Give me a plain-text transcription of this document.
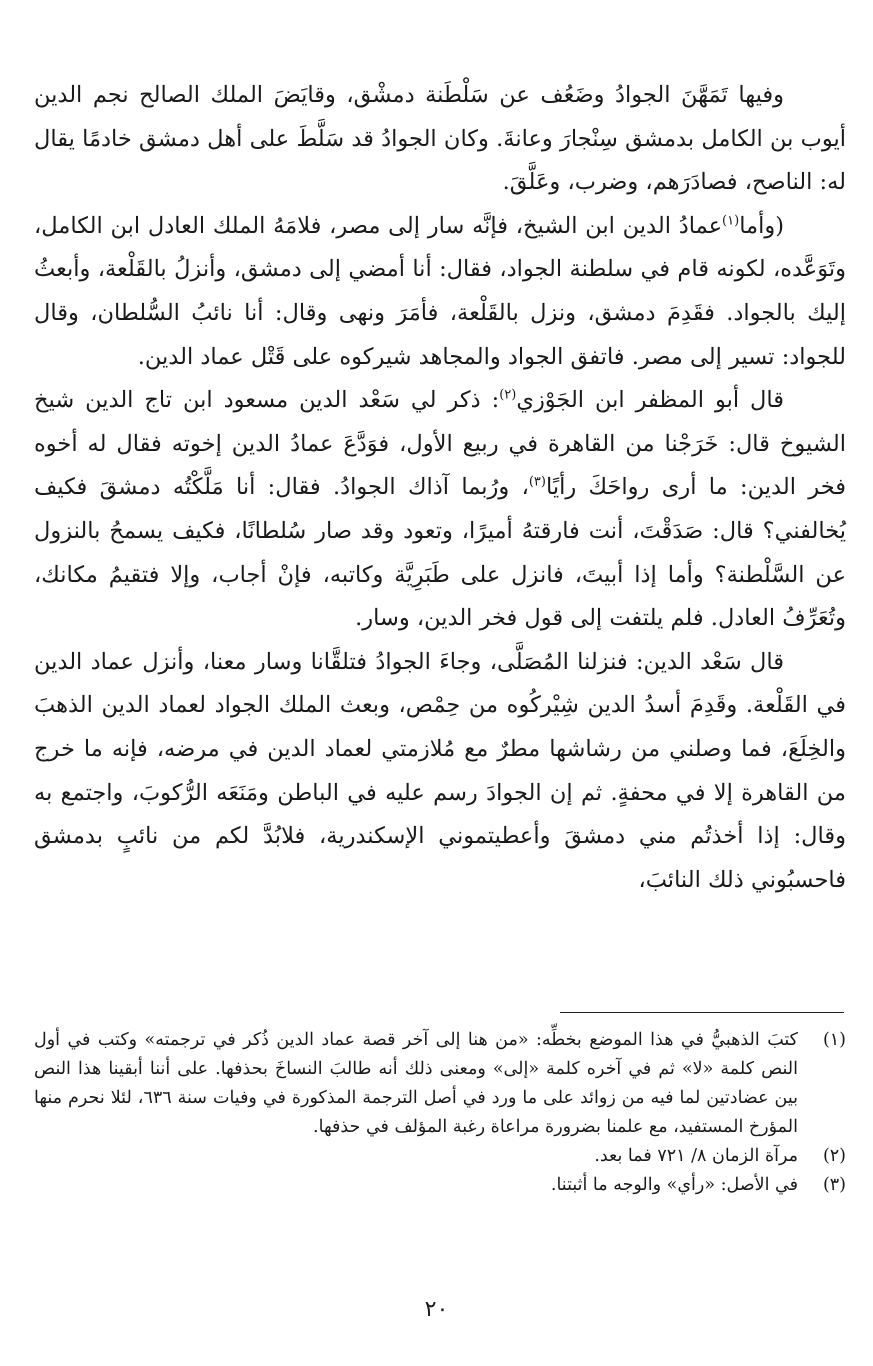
وفيها تَمَهَّنَ الجوادُ وضَعُف عن سَلْطَنة دمشْق، وقايَضَ الملك الصالح نجم الدين أيوب بن الكامل بدمشق سِنْجارَ وعانةَ. وكان الجوادُ قد سَلَّطَ على أهل دمشق خادمًا يقال له: الناصح، فصادَرَهم، وضرب، وعَلَّقَ.

(وأما$^{(١)}$عمادُ الدين ابن الشيخ، فإنَّه سار إلى مصر، فلامَهُ الملك العادل ابن الكامل، وتَوَعَّده، لكونه قام في سلطنة الجواد، فقال: أنا أمضي إلى دمشق، وأنزلُ بالقَلْعة، وأبعثُ إليك بالجواد. فقَدِمَ دمشق، ونزل بالقَلْعة، فأمَرَ ونهى وقال: أنا نائبُ السُّلطان، وقال للجواد: تسير إلى مصر. فاتفق الجواد والمجاهد شيركوه على قَتْل عماد الدين.

قال أبو المظفر ابن الجَوْزي$^{(٢)}$: ذكر لي سَعْد الدين مسعود ابن تاج الدين شيخ الشيوخ قال: خَرَجْنا من القاهرة في ربيع الأول، فوَدَّعَ عمادُ الدين إخوته فقال له أخوه فخر الدين: ما أرى رواحَكَ رأيًا$^{(٣)}$، ورُبما آذاك الجوادُ. فقال: أنا مَلَّكْتُه دمشقَ فكيف يُخالفني؟ قال: صَدَقْتَ، أنت فارقتهُ أميرًا، وتعود وقد صار سُلطانًا، فكيف يسمحُ بالنزول عن السَّلْطنة؟ وأما إذا أبيتَ، فانزل على طَبَرِيَّة وكاتبه، فإنْ أجاب، وإلا فتقيمُ مكانك، وتُعَرِّفُ العادل. فلم يلتفت إلى قول فخر الدين، وسار.

قال سَعْد الدين: فنزلنا المُصَلَّى، وجاءَ الجوادُ فتلقَّانا وسار معنا، وأنزل عماد الدين في القَلْعة. وقَدِمَ أسدُ الدين شِيْركُوه من حِمْص، وبعث الملك الجواد لعماد الدين الذهبَ والخِلَعَ، فما وصلني من رشاشها مطرٌ مع مُلازمتي لعماد الدين في مرضه، فإنه ما خرج من القاهرة إلا في محفةٍ. ثم إن الجوادَ رسم عليه في الباطن ومَنَعَه الرُّكوبَ، واجتمع به وقال: إذا أخذتُم مني دمشقَ وأعطيتموني الإسكندرية، فلابُدَّ لكم من نائبٍ بدمشق فاحسبُوني ذلك النائبَ،

(١)
كتبَ الذهبيُّ في هذا الموضع بخطِّه: «من هنا إلى آخر قصة عماد الدين ذُكر في ترجمته» وكتب في أول النص كلمة «لا» ثم في آخره كلمة «إلى» ومعنى ذلك أنه طالبَ النساخَ بحذفها. على أننا أبقينا هذا النص بين عضادتين لما فيه من زوائد على ما ورد في أصل الترجمة المذكورة في وفيات سنة ٦٣٦، لئلا نحرم منها المؤرخ المستفيد، مع علمنا بضرورة مراعاة رغبة المؤلف في حذفها.
(٢)
مرآة الزمان ٨/ ٧٢١ فما بعد.
(٣)
في الأصل: «رأي» والوجه ما أثبتنا.
٢٠
